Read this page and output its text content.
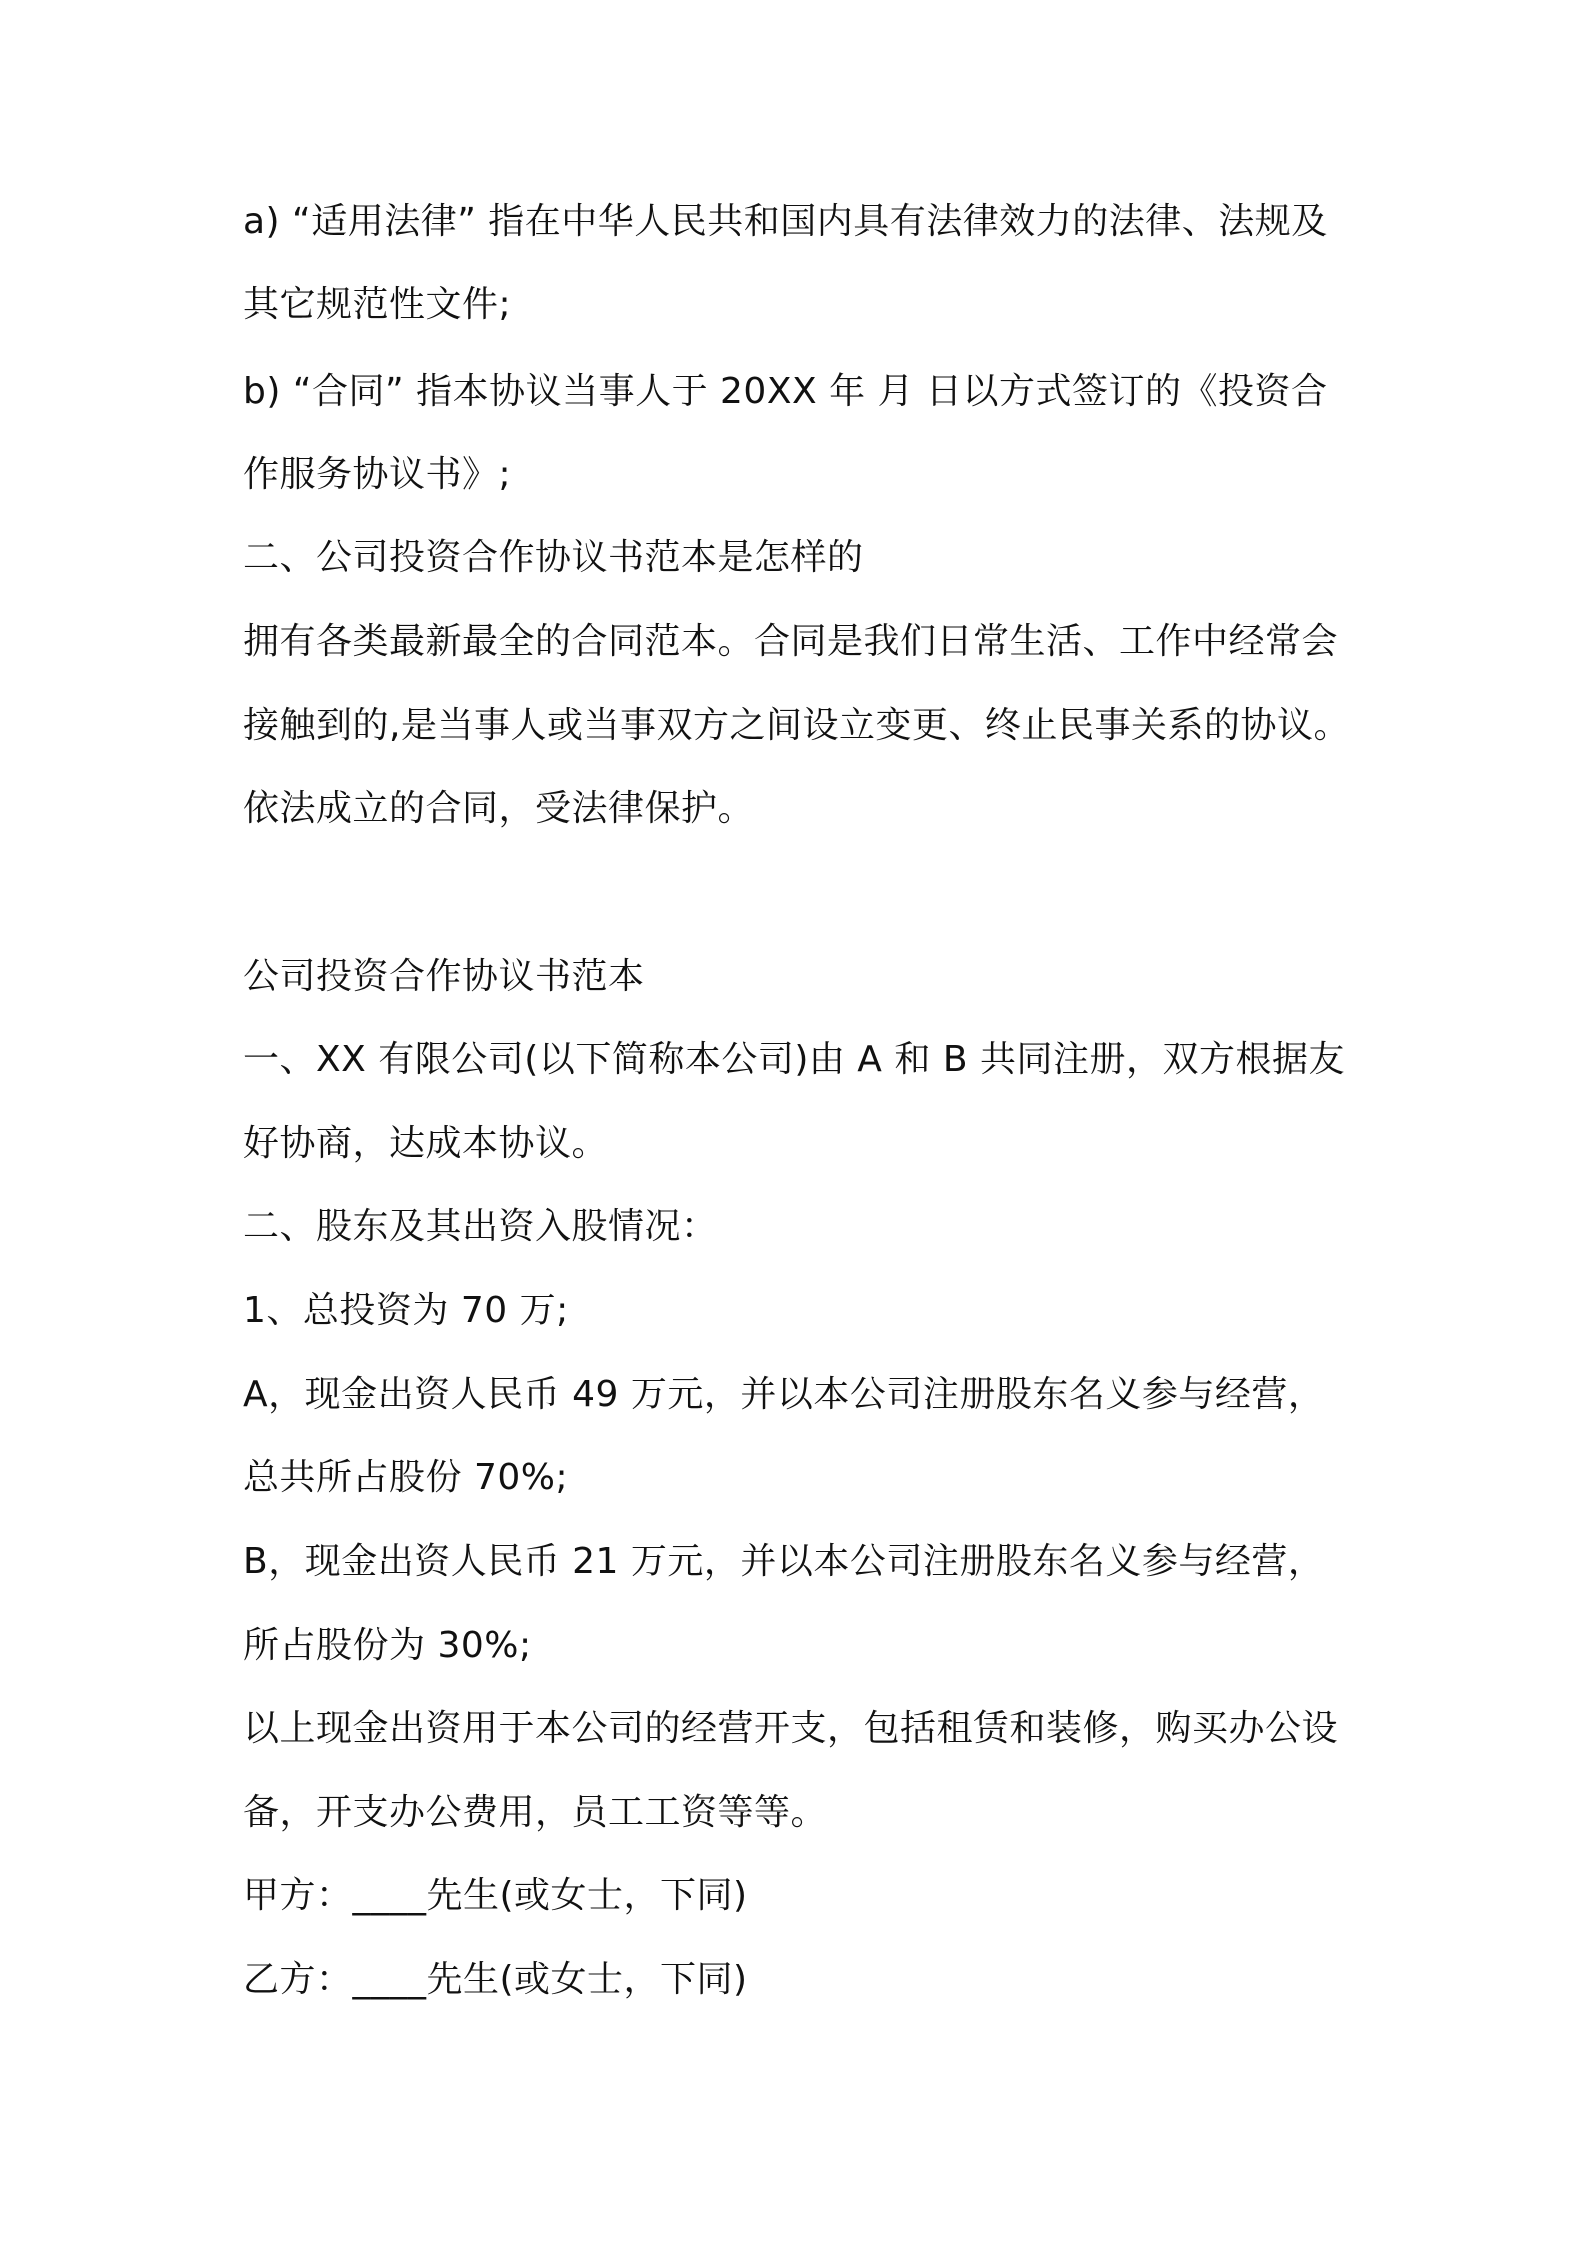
a) “适用法律” 指在中华人民共和国内具有法律效力的法律、法规及
其它规范性文件;
b) “合同” 指本协议当事人于 20XX 年 月 日以方式签订的《投资合
作服务协议书》;
二、公司投资合作协议书范本是怎样的
拥有各类最新最全的合同范本。合同是我们日常生活、工作中经常会
接触到的,是当事人或当事双方之间设立变更、终止民事关系的协议。
依法成立的合同，受法律保护。
公司投资合作协议书范本
一、XX 有限公司(以下简称本公司)由 A 和 B 共同注册，双方根据友
好协商，达成本协议。
二、股东及其出资入股情况：
1、总投资为 70 万;
A，现金出资人民币 49 万元，并以本公司注册股东名义参与经营，
总共所占股份 70%;
B，现金出资人民币 21 万元，并以本公司注册股东名义参与经营，
所占股份为 30%;
以上现金出资用于本公司的经营开支，包括租赁和装修，购买办公设
备，开支办公费用，员工工资等等。
甲方：____先生(或女士，下同)
乙方：____先生(或女士，下同)
